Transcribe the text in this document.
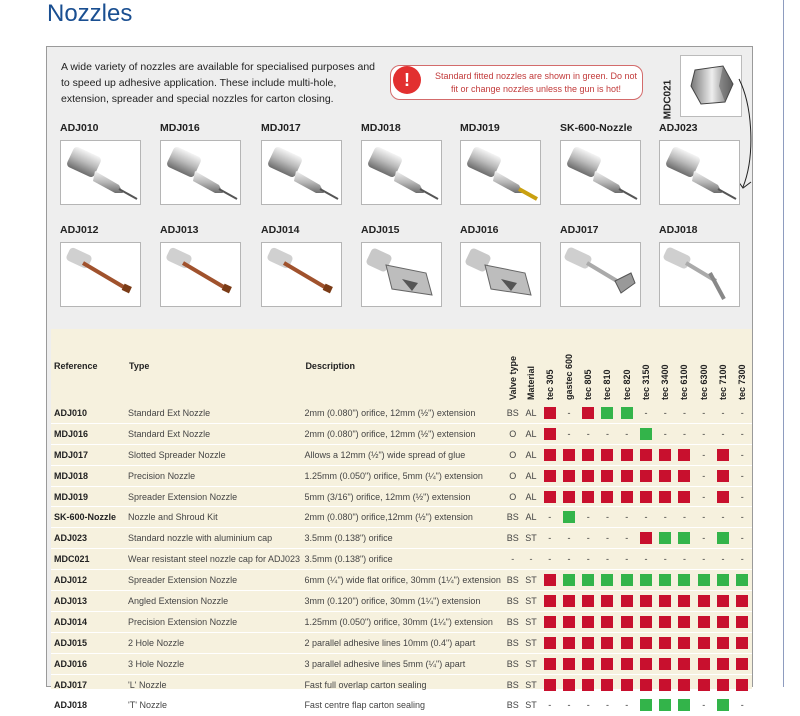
Nozzles
A wide variety of nozzles are available for specialised purposes and to speed up adhesive application. These include multi-hole, extension, spreader and special nozzles for carton closing.
Standard fitted nozzles are shown in green. Do not fit or change nozzles unless the gun is hot!
!	MDC021
ADJ010	MDJ016	MDJ017	MDJ018	MDJ019	SK-600-Nozzle	ADJ023
ADJ012	ADJ013	ADJ014	ADJ015	ADJ016	ADJ017	ADJ018
Reference	Type	Description	Valve type	Material	tec 305	gastec 600	tec 805	tec 810	tec 820	tec 3150	tec 3400	tec 6100	tec 6300	tec 7100	tec 7300

ADJ010	Standard Ext Nozzle	2mm (0.080") orifice, 12mm (½") extension	BS	AL		-				-	-	-	-	-	-
MDJ016	Standard Ext Nozzle	2mm (0.080") orifice, 12mm (½") extension	O	AL		-	-	-	-		-	-	-	-	-
MDJ017	Slotted Spreader Nozzle	Allows a 12mm (½") wide spread of glue	O	AL									-		-
MDJ018	Precision Nozzle	1.25mm (0.050") orifice, 5mm (¼") extension	O	AL									-		-
MDJ019	Spreader Extension Nozzle	5mm (3/16") orifice, 12mm (½") extension	O	AL									-		-
SK-600-Nozzle	Nozzle and Shroud Kit	2mm (0.080") orifice,12mm (½") extension	BS	AL	-		-	-	-	-	-	-	-	-	-
ADJ023	Standard nozzle with aluminium cap	3.5mm (0.138") orifice	BS	ST	-	-	-	-	-				-		-
MDC021	Wear resistant steel nozzle cap for ADJ023	3.5mm (0.138") orifice	-	-	-	-	-	-	-	-	-	-	-	-	-
ADJ012	Spreader Extension Nozzle	6mm (¼") wide flat orifice, 30mm (1¼") extension	BS	ST											
ADJ013	Angled Extension Nozzle	3mm (0.120") orifice, 30mm (1¼") extension	BS	ST											
ADJ014	Precision Extension Nozzle	1.25mm (0.050") orifice, 30mm (1¼") extension	BS	ST											
ADJ015	2 Hole Nozzle	2 parallel adhesive lines 10mm (0.4") apart	BS	ST											
ADJ016	3 Hole Nozzle	3 parallel adhesive lines 5mm (¼") apart	BS	ST											
ADJ017	'L' Nozzle	Fast full overlap carton sealing	BS	ST											
ADJ018	'T' Nozzle	Fast centre flap carton sealing	BS	ST	-	-	-	-	-				-		-
